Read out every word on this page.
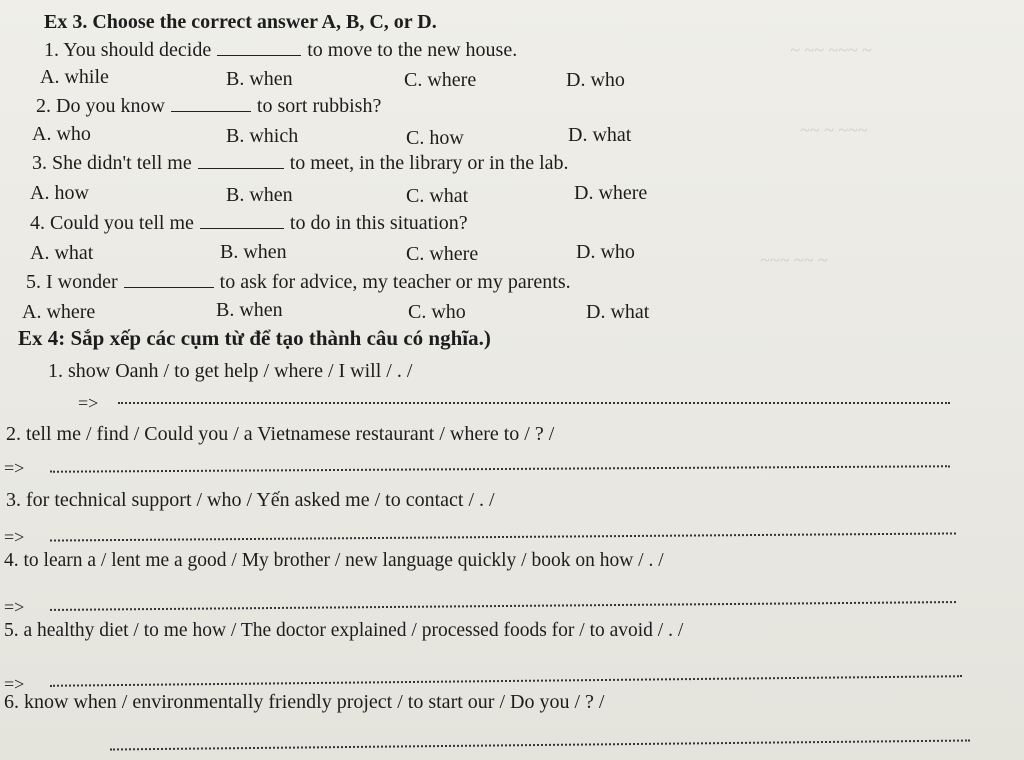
~ ~~ ~~~ ~
~~ ~ ~~~
~~~ ~~ ~
Ex 3. Choose the correct answer A, B, C, or D.
1. You should decide	to move to the new house.
A. while	B. when	C. where	D. who
2. Do you know	to sort rubbish?
A. who	B. which	C. how	D. what
3. She didn't tell me	to meet, in the library or in the lab.
A. how	B. when	C. what	D. where
4. Could you tell me	to do in this situation?
A. what	B. when	C. where	D. who
5. I wonder	to ask for advice, my teacher or my parents.
A. where	B. when	C. who	D. what
Ex 4: Sắp xếp các cụm từ để tạo thành câu có nghĩa.)
1. show Oanh / to get help / where / I will / . /
=>
2. tell me / find / Could you / a Vietnamese restaurant / where to / ? /
=>
3. for technical support / who / Yến asked me / to contact / . /
=>
4. to learn a / lent me a good / My brother / new language quickly / book on how / . /
=>
5. a healthy diet / to me how / The doctor explained / processed foods for / to avoid / . /
=>
6. know when / environmentally friendly project / to start our / Do you / ? /
